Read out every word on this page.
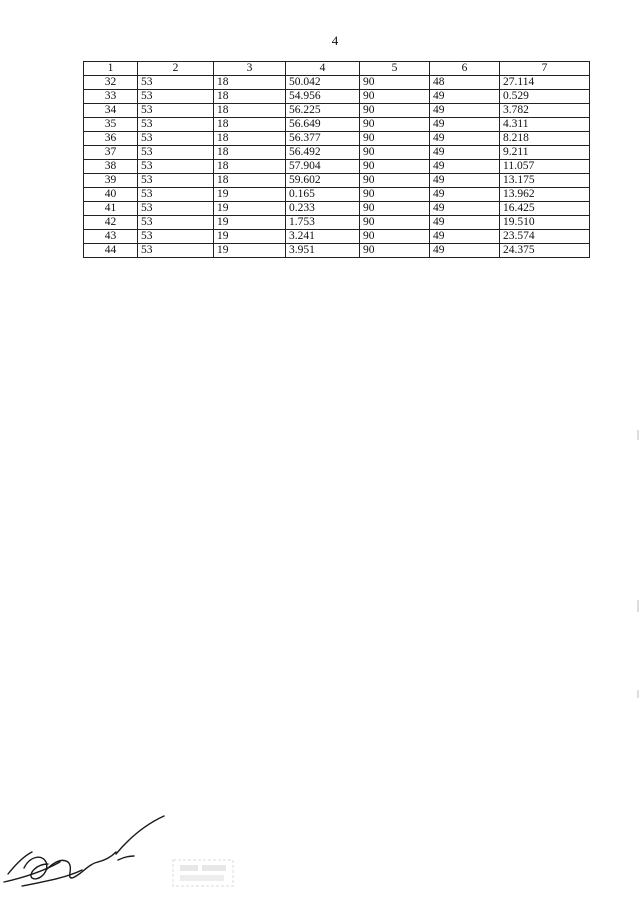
4
1	2	3	4	5	6	7
32	53	18	50.042	90	48	27.114
33	53	18	54.956	90	49	0.529
34	53	18	56.225	90	49	3.782
35	53	18	56.649	90	49	4.311
36	53	18	56.377	90	49	8.218
37	53	18	56.492	90	49	9.211
38	53	18	57.904	90	49	11.057
39	53	18	59.602	90	49	13.175
40	53	19	0.165	90	49	13.962
41	53	19	0.233	90	49	16.425
42	53	19	1.753	90	49	19.510
43	53	19	3.241	90	49	23.574
44	53	19	3.951	90	49	24.375
